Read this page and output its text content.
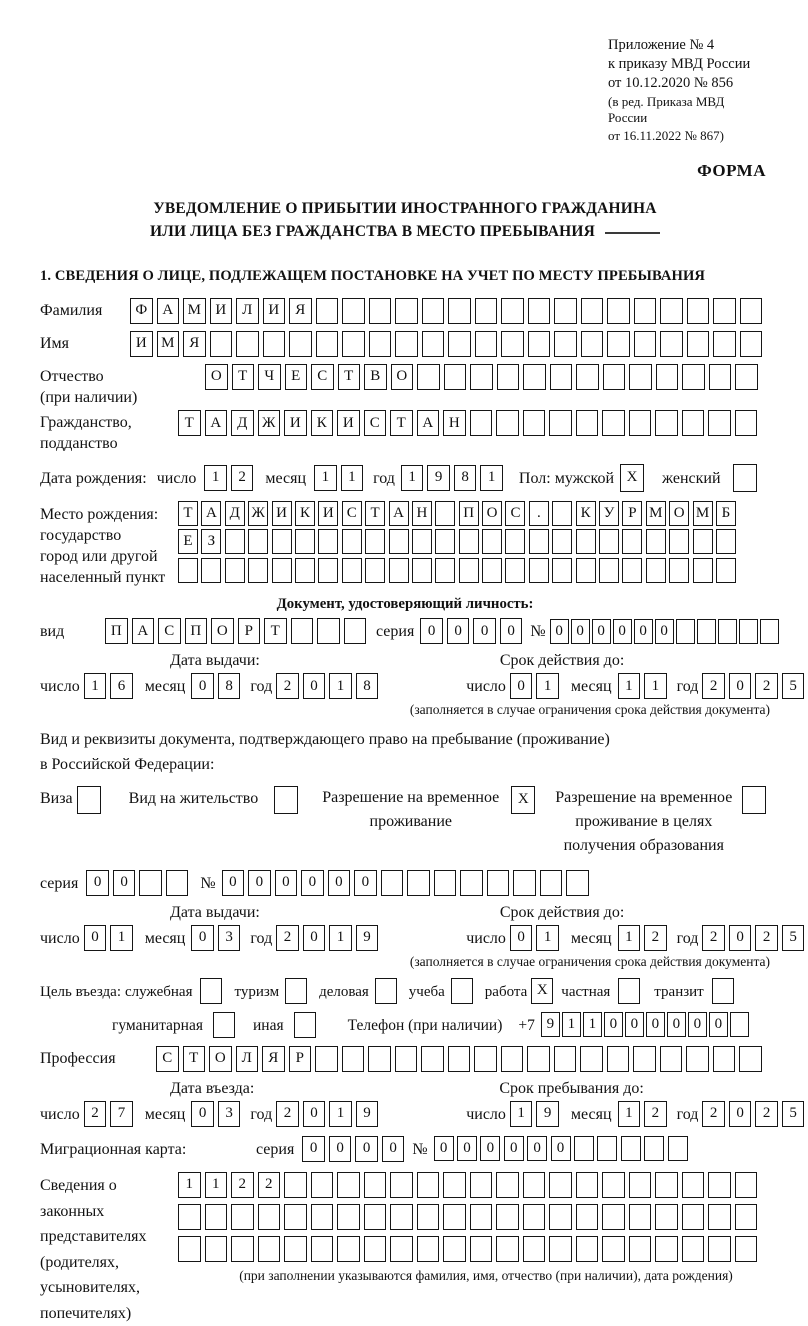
Приложение № 4
к приказу МВД России
от 10.12.2020 № 856
(в ред. Приказа МВД России
от 16.11.2022 № 867)
ФОРМА
УВЕДОМЛЕНИЕ О ПРИБЫТИИ ИНОСТРАННОГО ГРАЖДАНИНА
ИЛИ ЛИЦА БЕЗ ГРАЖДАНСТВА В МЕСТО ПРЕБЫВАНИЯ
1. СВЕДЕНИЯ О ЛИЦЕ, ПОДЛЕЖАЩЕМ ПОСТАНОВКЕ НА УЧЕТ ПО МЕСТУ ПРЕБЫВАНИЯ
Фамилия	Ф	А М И	Л	И	Я
Имя	И М Я
Отчество
(при наличии)
О	Т	Ч	Е	С	Т	В	О
Гражданство,
подданство
Т	А	Д Ж И	К	И	С	Т	А	Н
Дата рождения: число	1	2	месяц	1	1	год 1	9	8	1	Пол: мужской X	женский
Место рождения:
государство
город или другой
населенный пункт
Т А Д Ж И К И С Т А Н	П О С	.	К У Р М О М Б
Е	З
Документ, удостоверяющий личность:
вид	П	А	С	П	О	Р	Т	серия 0	0	0	0 № 0 0 0 0 0 0
Дата выдачи:	Срок действия до:
число 1	6	месяц 0	8	год 2	0	1	8	число 0	1	месяц 1	1	год 2	0	2	5
(заполняется в случае ограничения срока действия документа)
Вид и реквизиты документа, подтверждающего право на пребывание (проживание)
в Российской Федерации:
Виза	Вид на жительство	Разрешение на временное
проживание
X	Разрешение на временное
проживание в целях
получения образования
серия	0	0	№ 0	0	0	0	0	0
Дата выдачи:	Срок действия до:
число 0	1	месяц 0	3	год 2	0	1	9	число 0	1	месяц 1	2	год 2	0	2	5
(заполняется в случае ограничения срока действия документа)
Цель въезда: служебная	туризм	деловая	учеба	работа X частная	транзит
гуманитарная	иная	Телефон (при наличии) +7 9 1 1 0 0 0 0 0 0
Профессия	С	Т	О	Л	Я	Р
Дата въезда:	Срок пребывания до:
число 2	7	месяц 0	3	год 2	0	1	9	число 1	9	месяц 1	2	год 2	0	2	5
Миграционная карта:	серия	0	0	0	0 № 0	0	0	0	0	0
Сведения о
законных
представителях
(родителях,
усыновителях,
попечителях)
1	1	2	2
(при заполнении указываются фамилия, имя, отчество (при наличии), дата рождения)
